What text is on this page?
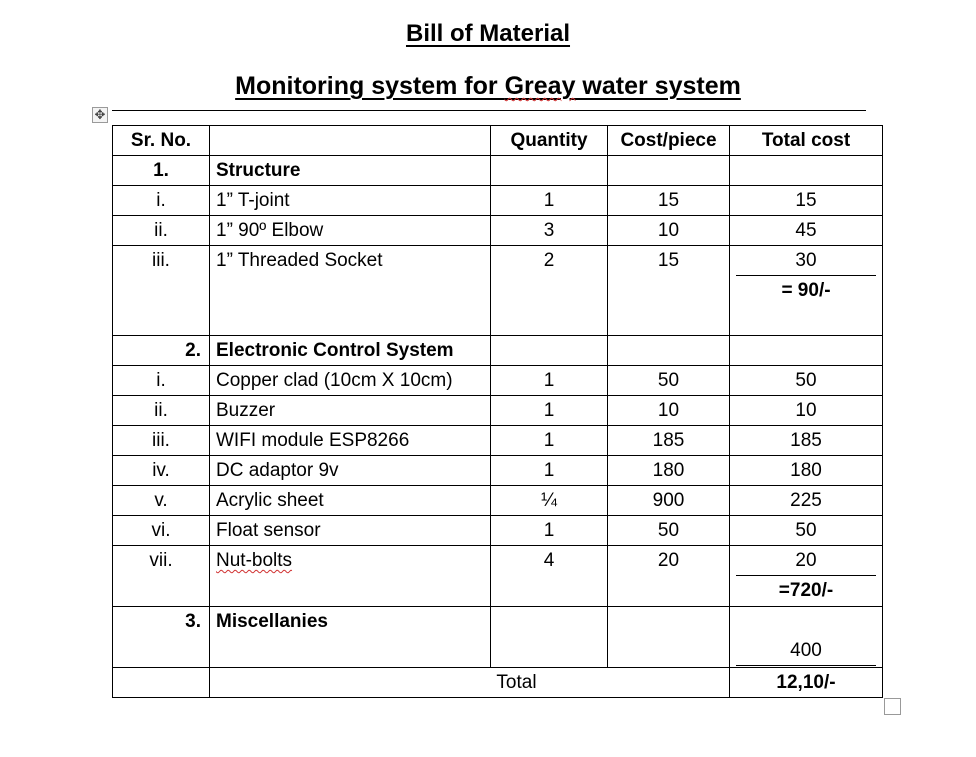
Bill of Material
Monitoring system for Greay water system
✥
Sr. No.		Quantity	Cost/piece	Total cost
1.	Structure			
i.	1” T-joint	1	15	15
ii.	1” 90º Elbow	3	10	45
iii.	1” Threaded Socket	2	15	30
= 90/-

2.	Electronic Control System			
i.	Copper clad (10cm X 10cm)	1	50	50
ii.	Buzzer	1	10	10
iii.	WIFI module ESP8266	1	185	185
iv.	DC adaptor 9v	1	180	180
v.	Acrylic sheet	¼	900	225
vi.	Float sensor	1	50	50
vii.	Nut-bolts	4	20	20
=720/-

3.	Miscellanies			400

	Total			12,10/-
